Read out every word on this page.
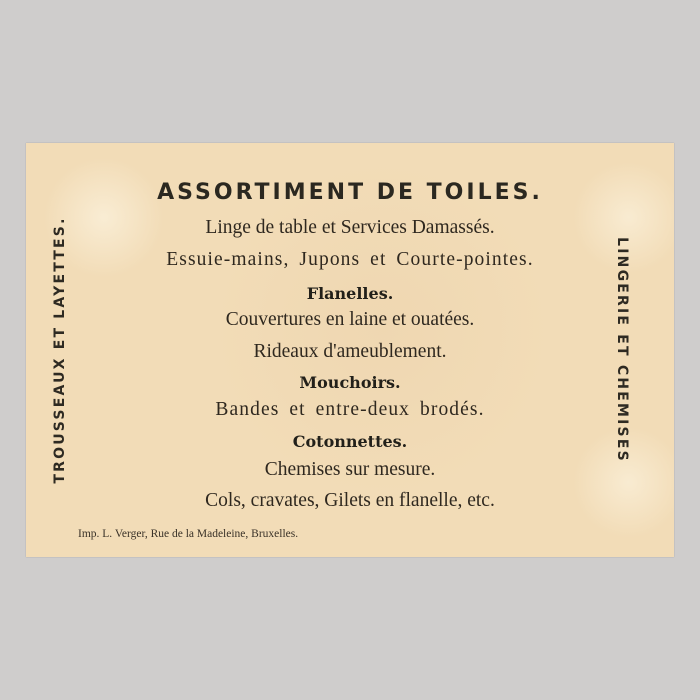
ASSORTIMENT DE TOILES.
Linge de table et Services Damassés.
Essuie-mains, Jupons et Courte-pointes.
Flanelles.
Couvertures en laine et ouatées.
Rideaux d'ameublement.
Mouchoirs.
Bandes et entre-deux brodés.
Cotonnettes.
Chemises sur mesure.
Cols, cravates, Gilets en flanelle, etc.
TROUSSEAUX ET LAYETTES.	LINGERIE ET CHEMISES
Imp. L. Verger, Rue de la Madeleine, Bruxelles.
